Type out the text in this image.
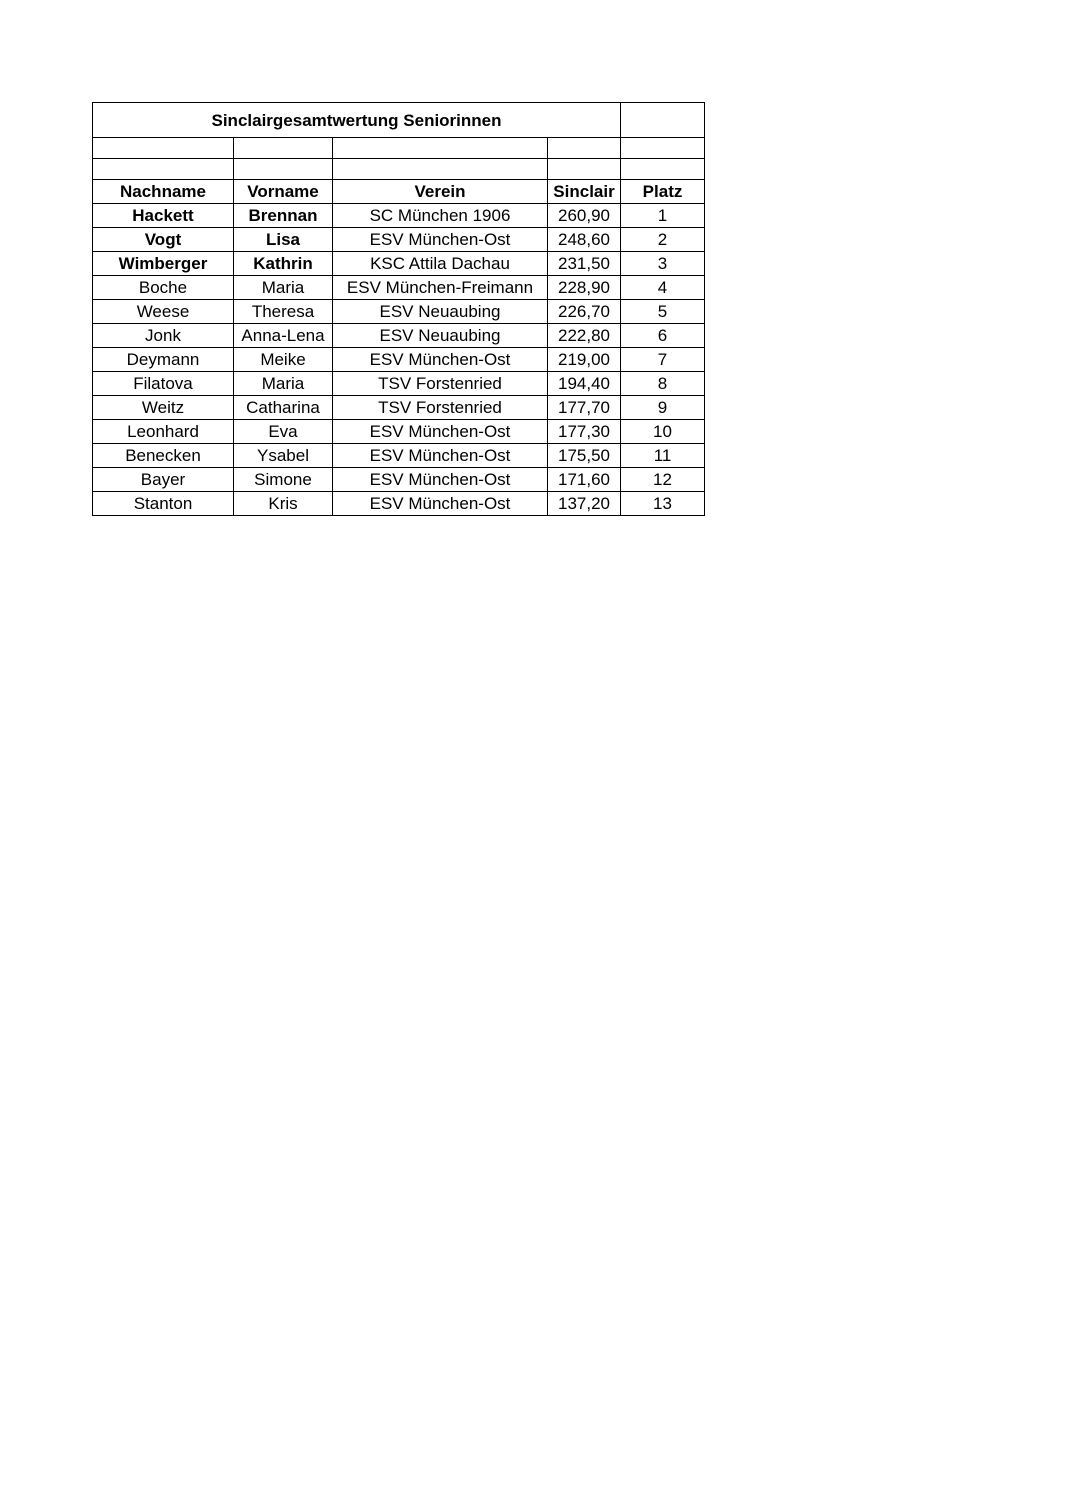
Sinclairgesamtwertung Seniorinnen				

Nachname	Vorname	Verein	Sinclair	Platz
Hackett	Brennan	SC München 1906	260,90	1
Vogt	Lisa	ESV München-Ost	248,60	2
Wimberger	Kathrin	KSC Attila Dachau	231,50	3
Boche	Maria	ESV München-Freimann	228,90	4
Weese	Theresa	ESV Neuaubing	226,70	5
Jonk	Anna-Lena	ESV Neuaubing	222,80	6
Deymann	Meike	ESV München-Ost	219,00	7
Filatova	Maria	TSV Forstenried	194,40	8
Weitz	Catharina	TSV Forstenried	177,70	9
Leonhard	Eva	ESV München-Ost	177,30	10
Benecken	Ysabel	ESV München-Ost	175,50	11
Bayer	Simone	ESV München-Ost	171,60	12
Stanton	Kris	ESV München-Ost	137,20	13
